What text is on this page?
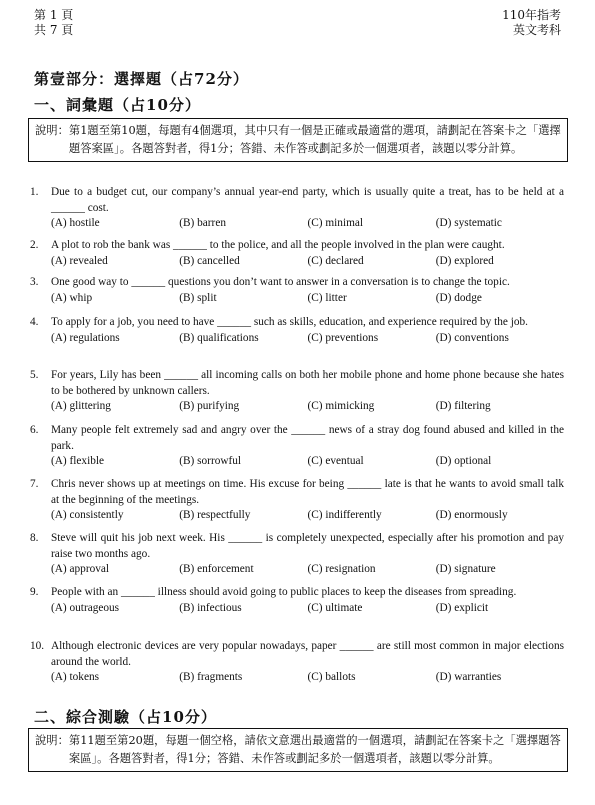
第 1 頁
共 7 頁
110年指考
英文考科
第壹部分：選擇題（占72分）
一、詞彙題（占10分）
說明： 第1題至第10題，每題有4個選項，其中只有一個是正確或最適當的選項，請劃記在答案卡之「選擇題答案區」。各題答對者，得1分；答錯、未作答或劃記多於一個選項者，該題以零分計算。
1.	Due to a budget cut, our company’s annual year-end party, which is usually quite a treat, has to be held at a ______ cost.
(A) hostile	(B) barren	(C) minimal	(D) systematic
2.	A plot to rob the bank was ______ to the police, and all the people involved in the plan were caught.
(A) revealed	(B) cancelled	(C) declared	(D) explored
3.	One good way to ______ questions you don’t want to answer in a conversation is to change the topic.
(A) whip	(B) split	(C) litter	(D) dodge
4.	To apply for a job, you need to have ______ such as skills, education, and experience required by the job.
(A) regulations	(B) qualifications	(C) preventions	(D) conventions
5.	For years, Lily has been ______ all incoming calls on both her mobile phone and home phone because she hates to be bothered by unknown callers.
(A) glittering	(B) purifying	(C) mimicking	(D) filtering
6.	Many people felt extremely sad and angry over the ______ news of a stray dog found abused and killed in the park.
(A) flexible	(B) sorrowful	(C) eventual	(D) optional
7.	Chris never shows up at meetings on time. His excuse for being ______ late is that he wants to avoid small talk at the beginning of the meetings.
(A) consistently	(B) respectfully	(C) indifferently	(D) enormously
8.	Steve will quit his job next week. His ______ is completely unexpected, especially after his promotion and pay raise two months ago.
(A) approval	(B) enforcement	(C) resignation	(D) signature
9.	People with an ______ illness should avoid going to public places to keep the diseases from spreading.
(A) outrageous	(B) infectious	(C) ultimate	(D) explicit
10. Although electronic devices are very popular nowadays, paper ______ are still most common in major elections around the world.
(A) tokens	(B) fragments	(C) ballots	(D) warranties
二、綜合測驗（占10分）
說明： 第11題至第20題，每題一個空格，請依文意選出最適當的一個選項，請劃記在答案卡之「選擇題答案區」。各題答對者，得1分；答錯、未作答或劃記多於一個選項者，該題以零分計算。
